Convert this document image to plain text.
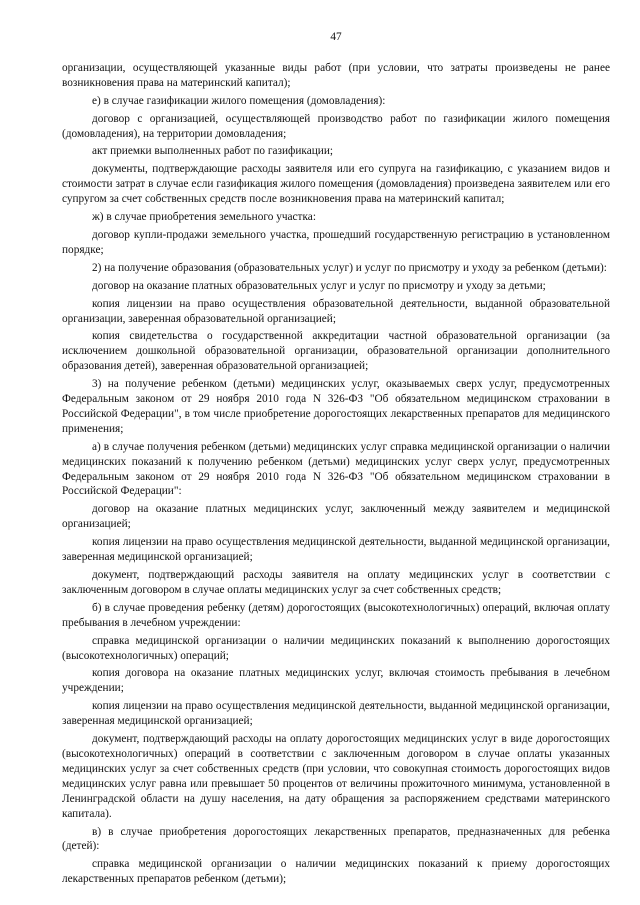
47

организации, осуществляющей указанные виды работ (при условии, что затраты произведены не ранее возникновения права на материнский капитал);

е) в случае газификации жилого помещения (домовладения):

договор с организацией, осуществляющей производство работ по газификации жилого помещения (домовладения), на территории домовладения;

акт приемки выполненных работ по газификации;

документы, подтверждающие расходы заявителя или его супруга на газификацию, с указанием видов и стоимости затрат в случае если газификация жилого помещения (домовладения) произведена заявителем или его супругом за счет собственных средств после возникновения права на материнский капитал;

ж) в случае приобретения земельного участка:

договор купли-продажи земельного участка, прошедший государственную регистрацию в установленном порядке;

2) на получение образования (образовательных услуг) и услуг по присмотру и уходу за ребенком (детьми):

договор на оказание платных образовательных услуг и услуг по присмотру и уходу за детьми;

копия лицензии на право осуществления образовательной деятельности, выданной образовательной организации, заверенная образовательной организацией;

копия свидетельства о государственной аккредитации частной образовательной организации (за исключением дошкольной образовательной организации, образовательной организации дополнительного образования детей), заверенная образовательной организацией;

3) на получение ребенком (детьми) медицинских услуг, оказываемых сверх услуг, предусмотренных Федеральным законом от 29 ноября 2010 года N 326-ФЗ "Об обязательном медицинском страховании в Российской Федерации", в том числе приобретение дорогостоящих лекарственных препаратов для медицинского применения;

а) в случае получения ребенком (детьми) медицинских услуг справка медицинской организации о наличии медицинских показаний к получению ребенком (детьми) медицинских услуг сверх услуг, предусмотренных Федеральным законом от 29 ноября 2010 года N 326-ФЗ "Об обязательном медицинском страховании в Российской Федерации":

договор на оказание платных медицинских услуг, заключенный между заявителем и медицинской организацией;

копия лицензии на право осуществления медицинской деятельности, выданной медицинской организации, заверенная медицинской организацией;

документ, подтверждающий расходы заявителя на оплату медицинских услуг в соответствии с заключенным договором в случае оплаты медицинских услуг за счет собственных средств;

б) в случае проведения ребенку (детям) дорогостоящих (высокотехнологичных) операций, включая оплату пребывания в лечебном учреждении:

справка медицинской организации о наличии медицинских показаний к выполнению дорогостоящих (высокотехнологичных) операций;

копия договора на оказание платных медицинских услуг, включая стоимость пребывания в лечебном учреждении;

копия лицензии на право осуществления медицинской деятельности, выданной медицинской организации, заверенная медицинской организацией;

документ, подтверждающий расходы на оплату дорогостоящих медицинских услуг в виде дорогостоящих (высокотехнологичных) операций в соответствии с заключенным договором в случае оплаты указанных медицинских услуг за счет собственных средств (при условии, что совокупная стоимость дорогостоящих видов медицинских услуг равна или превышает 50 процентов от величины прожиточного минимума, установленной в Ленинградской области на душу населения, на дату обращения за распоряжением средствами материнского капитала).

в) в случае приобретения дорогостоящих лекарственных препаратов, предназначенных для ребенка (детей):

справка медицинской организации о наличии медицинских показаний к приему дорогостоящих лекарственных препаратов ребенком (детьми);
